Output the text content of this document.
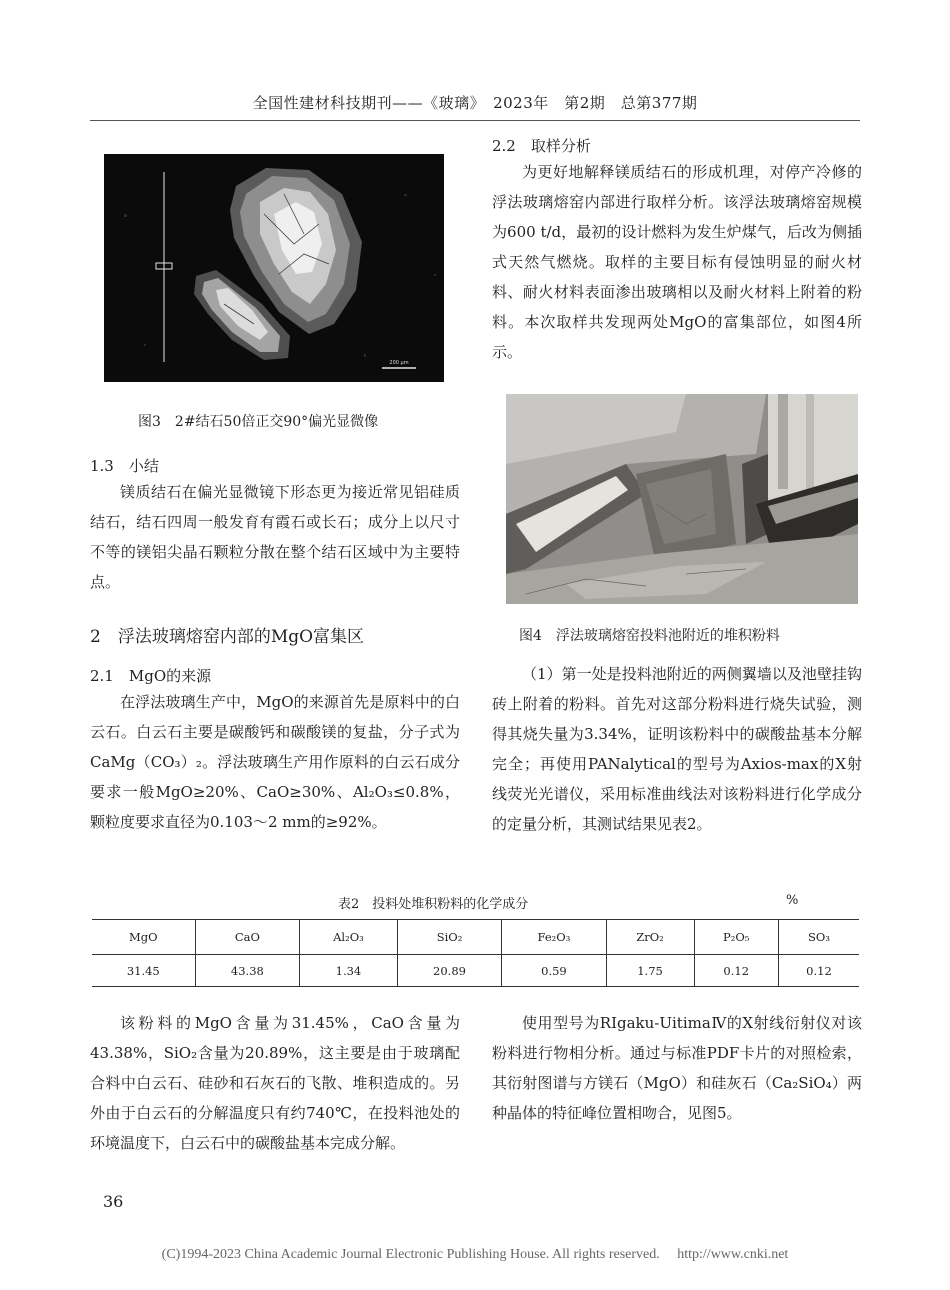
全国性建材科技期刊——《玻璃》　2023年　第2期　总第377期
200 μm
图3　2#结石50倍正交90°偏光显微像
1.3　小结
镁质结石在偏光显微镜下形态更为接近常见铝硅质结石，结石四周一般发育有霞石或长石；成分上以尺寸不等的镁铝尖晶石颗粒分散在整个结石区域中为主要特点。
2　浮法玻璃熔窑内部的MgO富集区
2.1　MgO的来源
在浮法玻璃生产中，MgO的来源首先是原料中的白云石。白云石主要是碳酸钙和碳酸镁的复盐，分子式为CaMg（CO₃）₂。浮法玻璃生产用作原料的白云石成分要求一般MgO≥20%、CaO≥30%、Al₂O₃≤0.8%，颗粒度要求直径为0.103～2 mm的≥92%。
2.2　取样分析
为更好地解释镁质结石的形成机理，对停产冷修的浮法玻璃熔窑内部进行取样分析。该浮法玻璃熔窑规模为600 t/d，最初的设计燃料为发生炉煤气，后改为侧插式天然气燃烧。取样的主要目标有侵蚀明显的耐火材料、耐火材料表面渗出玻璃相以及耐火材料上附着的粉料。本次取样共发现两处MgO的富集部位，如图4所示。
图4　浮法玻璃熔窑投料池附近的堆积粉料
（1）第一处是投料池附近的两侧翼墙以及池壁挂钩砖上附着的粉料。首先对这部分粉料进行烧失试验，测得其烧失量为3.34%，证明该粉料中的碳酸盐基本分解完全；再使用PANalytical的型号为Axios-max的X射线荧光光谱仪，采用标准曲线法对该粉料进行化学成分的定量分析，其测试结果见表2。
表2　投料处堆积粉料的化学成分	%
MgO	CaO	Al₂O₃	SiO₂	Fe₂O₃	ZrO₂	P₂O₅	SO₃
31.45	43.38	1.34	20.89	0.59	1.75	0.12	0.12
该粉料的MgO含量为31.45%，CaO含量为43.38%，SiO₂含量为20.89%，这主要是由于玻璃配合料中白云石、硅砂和石灰石的飞散、堆积造成的。另外由于白云石的分解温度只有约740℃，在投料池处的环境温度下，白云石中的碳酸盐基本完成分解。
使用型号为RIgaku-UitimaⅣ的X射线衍射仪对该粉料进行物相分析。通过与标准PDF卡片的对照检索，其衍射图谱与方镁石（MgO）和硅灰石（Ca₂SiO₄）两种晶体的特征峰位置相吻合，见图5。
36
(C)1994-2023 China Academic Journal Electronic Publishing House. All rights reserved.　 http://www.cnki.net
